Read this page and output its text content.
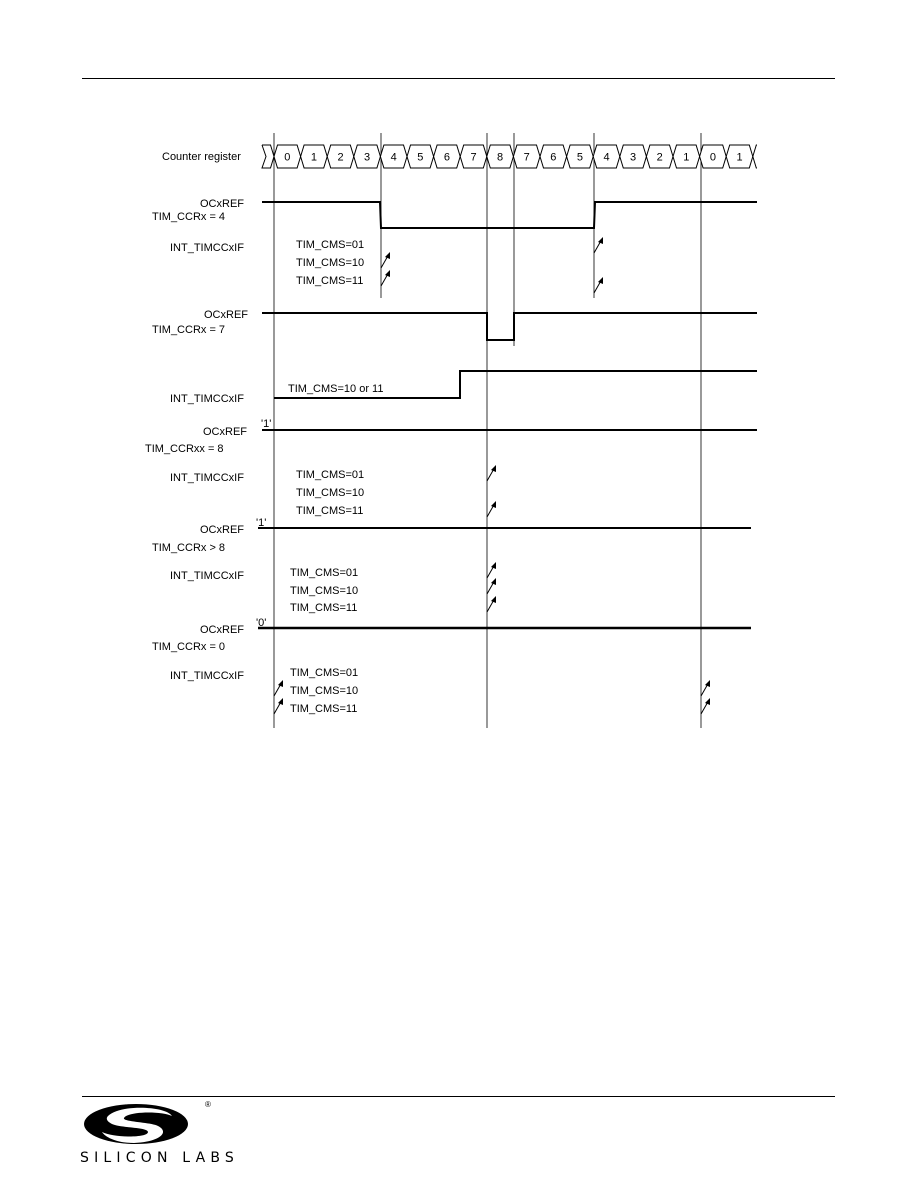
Counter register	0 1 2 3 4 5 6 7 8 7 6 5 4 3 2 1 0 1
OCxREF
TIM_CCRx = 4
INT_TIMCCxIF	TIM_CMS=01
TIM_CMS=10
TIM_CMS=11
OCxREF
TIM_CCRx = 7
TIM_CMS=10 or 11
INT_TIMCCxIF
'1'
OCxREF
TIM_CCRxx = 8
INT_TIMCCxIF	TIM_CMS=01
TIM_CMS=10
TIM_CMS=11
'1'
OCxREF
TIM_CCRx > 8
INT_TIMCCxIF	TIM_CMS=01
TIM_CMS=10
TIM_CMS=11
'0'
OCxREF
TIM_CCRx = 0
INT_TIMCCxIF	TIM_CMS=01
TIM_CMS=10
TIM_CMS=11
®
SILICON LABS
